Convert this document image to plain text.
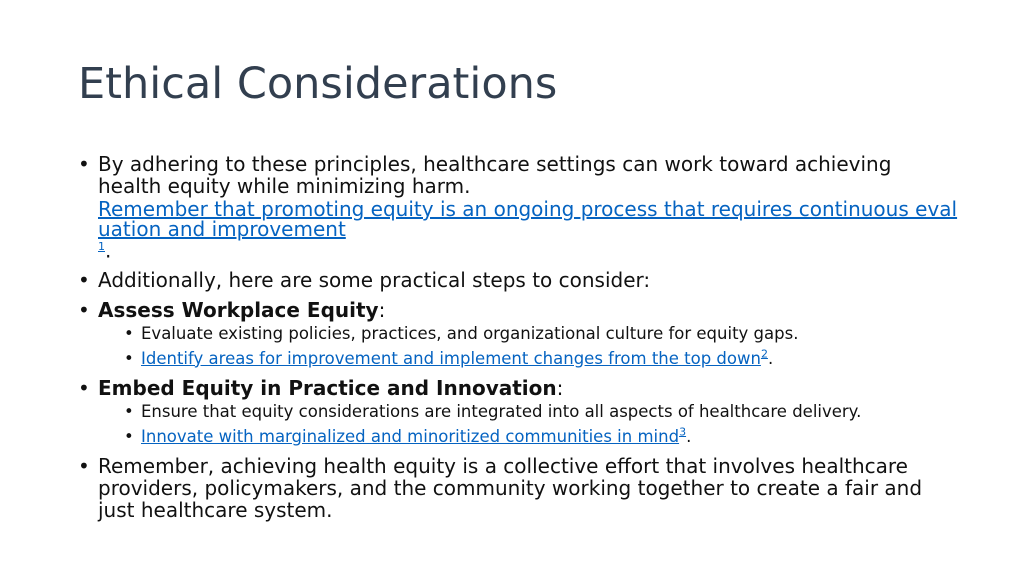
Ethical Considerations
• By adhering to these principles, healthcare settings can work toward achieving health equity while minimizing harm.
Remember that promoting equity is an ongoing process that requires continuous evaluation and improvement
$^1$.
• Additionally, here are some practical steps to consider:
• Assess Workplace Equity:
• Evaluate existing policies, practices, and organizational culture for equity gaps.
• Identify areas for improvement and implement changes from the top down$^2$.
• Embed Equity in Practice and Innovation:
• Ensure that equity considerations are integrated into all aspects of healthcare delivery.
• Innovate with marginalized and minoritized communities in mind$^3$.
• Remember, achieving health equity is a collective effort that involves healthcare providers, policymakers, and the community working together to create a fair and just healthcare system.
